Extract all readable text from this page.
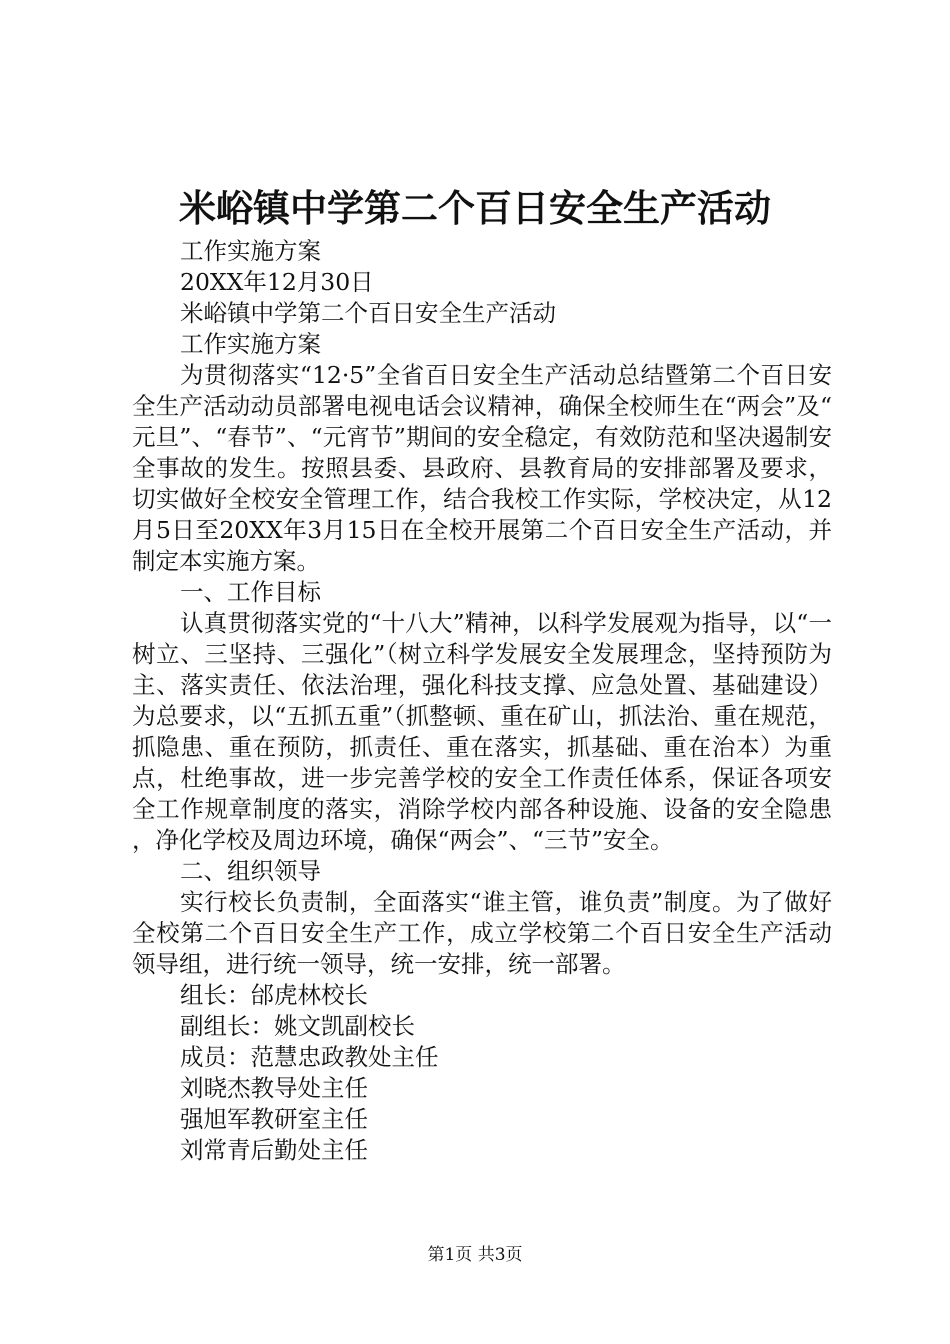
米峪镇中学第二个百日安全生产活动
工作实施方案
20XX年12月30日
米峪镇中学第二个百日安全生产活动
工作实施方案
为贯彻落实“12·5”全省百日安全生产活动总结暨第二个百日安全生产活动动员部署电视电话会议精神，确保全校师生在“两会”及“元旦”、“春节”、“元宵节”期间的安全稳定，有效防范和坚决遏制安全事故的发生。按照县委、县政府、县教育局的安排部署及要求，切实做好全校安全管理工作，结合我校工作实际，学校决定，从12月5日至20XX年3月15日在全校开展第二个百日安全生产活动，并制定本实施方案。
一、工作目标
认真贯彻落实党的“十八大”精神，以科学发展观为指导，以“一树立、三坚持、三强化”（树立科学发展安全发展理念，坚持预防为主、落实责任、依法治理，强化科技支撑、应急处置、基础建设）为总要求，以“五抓五重”（抓整顿、重在矿山，抓法治、重在规范，抓隐患、重在预防，抓责任、重在落实，抓基础、重在治本）为重点，杜绝事故，进一步完善学校的安全工作责任体系，保证各项安全工作规章制度的落实，消除学校内部各种设施、设备的安全隐患，净化学校及周边环境，确保“两会”、“三节”安全。
二、组织领导
实行校长负责制，全面落实“谁主管，谁负责”制度。为了做好全校第二个百日安全生产工作，成立学校第二个百日安全生产活动领导组，进行统一领导，统一安排，统一部署。
组长：邰虎林校长
副组长：姚文凯副校长
成员：范慧忠政教处主任
刘晓杰教导处主任
强旭军教研室主任
刘常青后勤处主任
第1页 共3页
